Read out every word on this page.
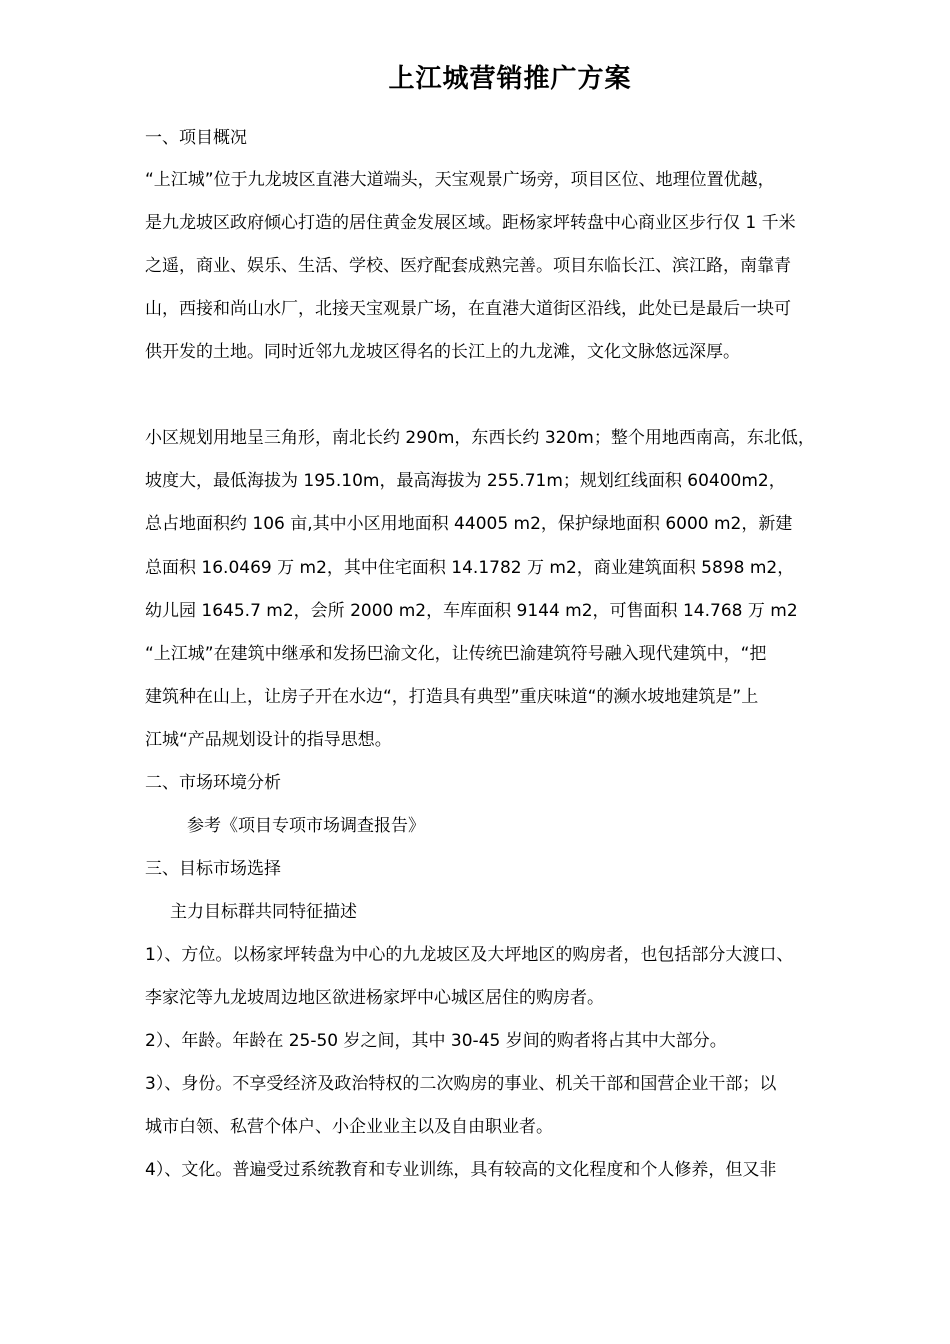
上江城营销推广方案
一、项目概况
“上江城”位于九龙坡区直港大道端头，天宝观景广场旁，项目区位、地理位置优越，
是九龙坡区政府倾心打造的居住黄金发展区域。距杨家坪转盘中心商业区步行仅 1 千米
之遥，商业、娱乐、生活、学校、医疗配套成熟完善。项目东临长江、滨江路，南靠青
山，西接和尚山水厂，北接天宝观景广场，在直港大道街区沿线，此处已是最后一块可
供开发的土地。同时近邻九龙坡区得名的长江上的九龙滩，文化文脉悠远深厚。
小区规划用地呈三角形，南北长约 290m，东西长约 320m；整个用地西南高，东北低，
坡度大，最低海拔为 195.10m，最高海拔为 255.71m；规划红线面积 60400m2，
总占地面积约 106 亩,其中小区用地面积 44005 m2，保护绿地面积 6000 m2，新建
总面积 16.0469 万 m2，其中住宅面积 14.1782 万 m2，商业建筑面积 5898 m2，
幼儿园 1645.7 m2，会所 2000 m2，车库面积 9144 m2，可售面积 14.768 万 m2
“上江城”在建筑中继承和发扬巴渝文化，让传统巴渝建筑符号融入现代建筑中，“把
建筑种在山上，让房子开在水边“，打造具有典型”重庆味道“的濒水坡地建筑是”上
江城“产品规划设计的指导思想。
二、市场环境分析
参考《项目专项市场调查报告》
三、目标市场选择
主力目标群共同特征描述
1）、方位。以杨家坪转盘为中心的九龙坡区及大坪地区的购房者，也包括部分大渡口、
李家沱等九龙坡周边地区欲进杨家坪中心城区居住的购房者。
2）、年龄。年龄在 25-50 岁之间，其中 30-45 岁间的购者将占其中大部分。
3）、身份。不享受经济及政治特权的二次购房的事业、机关干部和国营企业干部；以
城市白领、私营个体户、小企业业主以及自由职业者。
4）、文化。普遍受过系统教育和专业训练，具有较高的文化程度和个人修养，但又非
